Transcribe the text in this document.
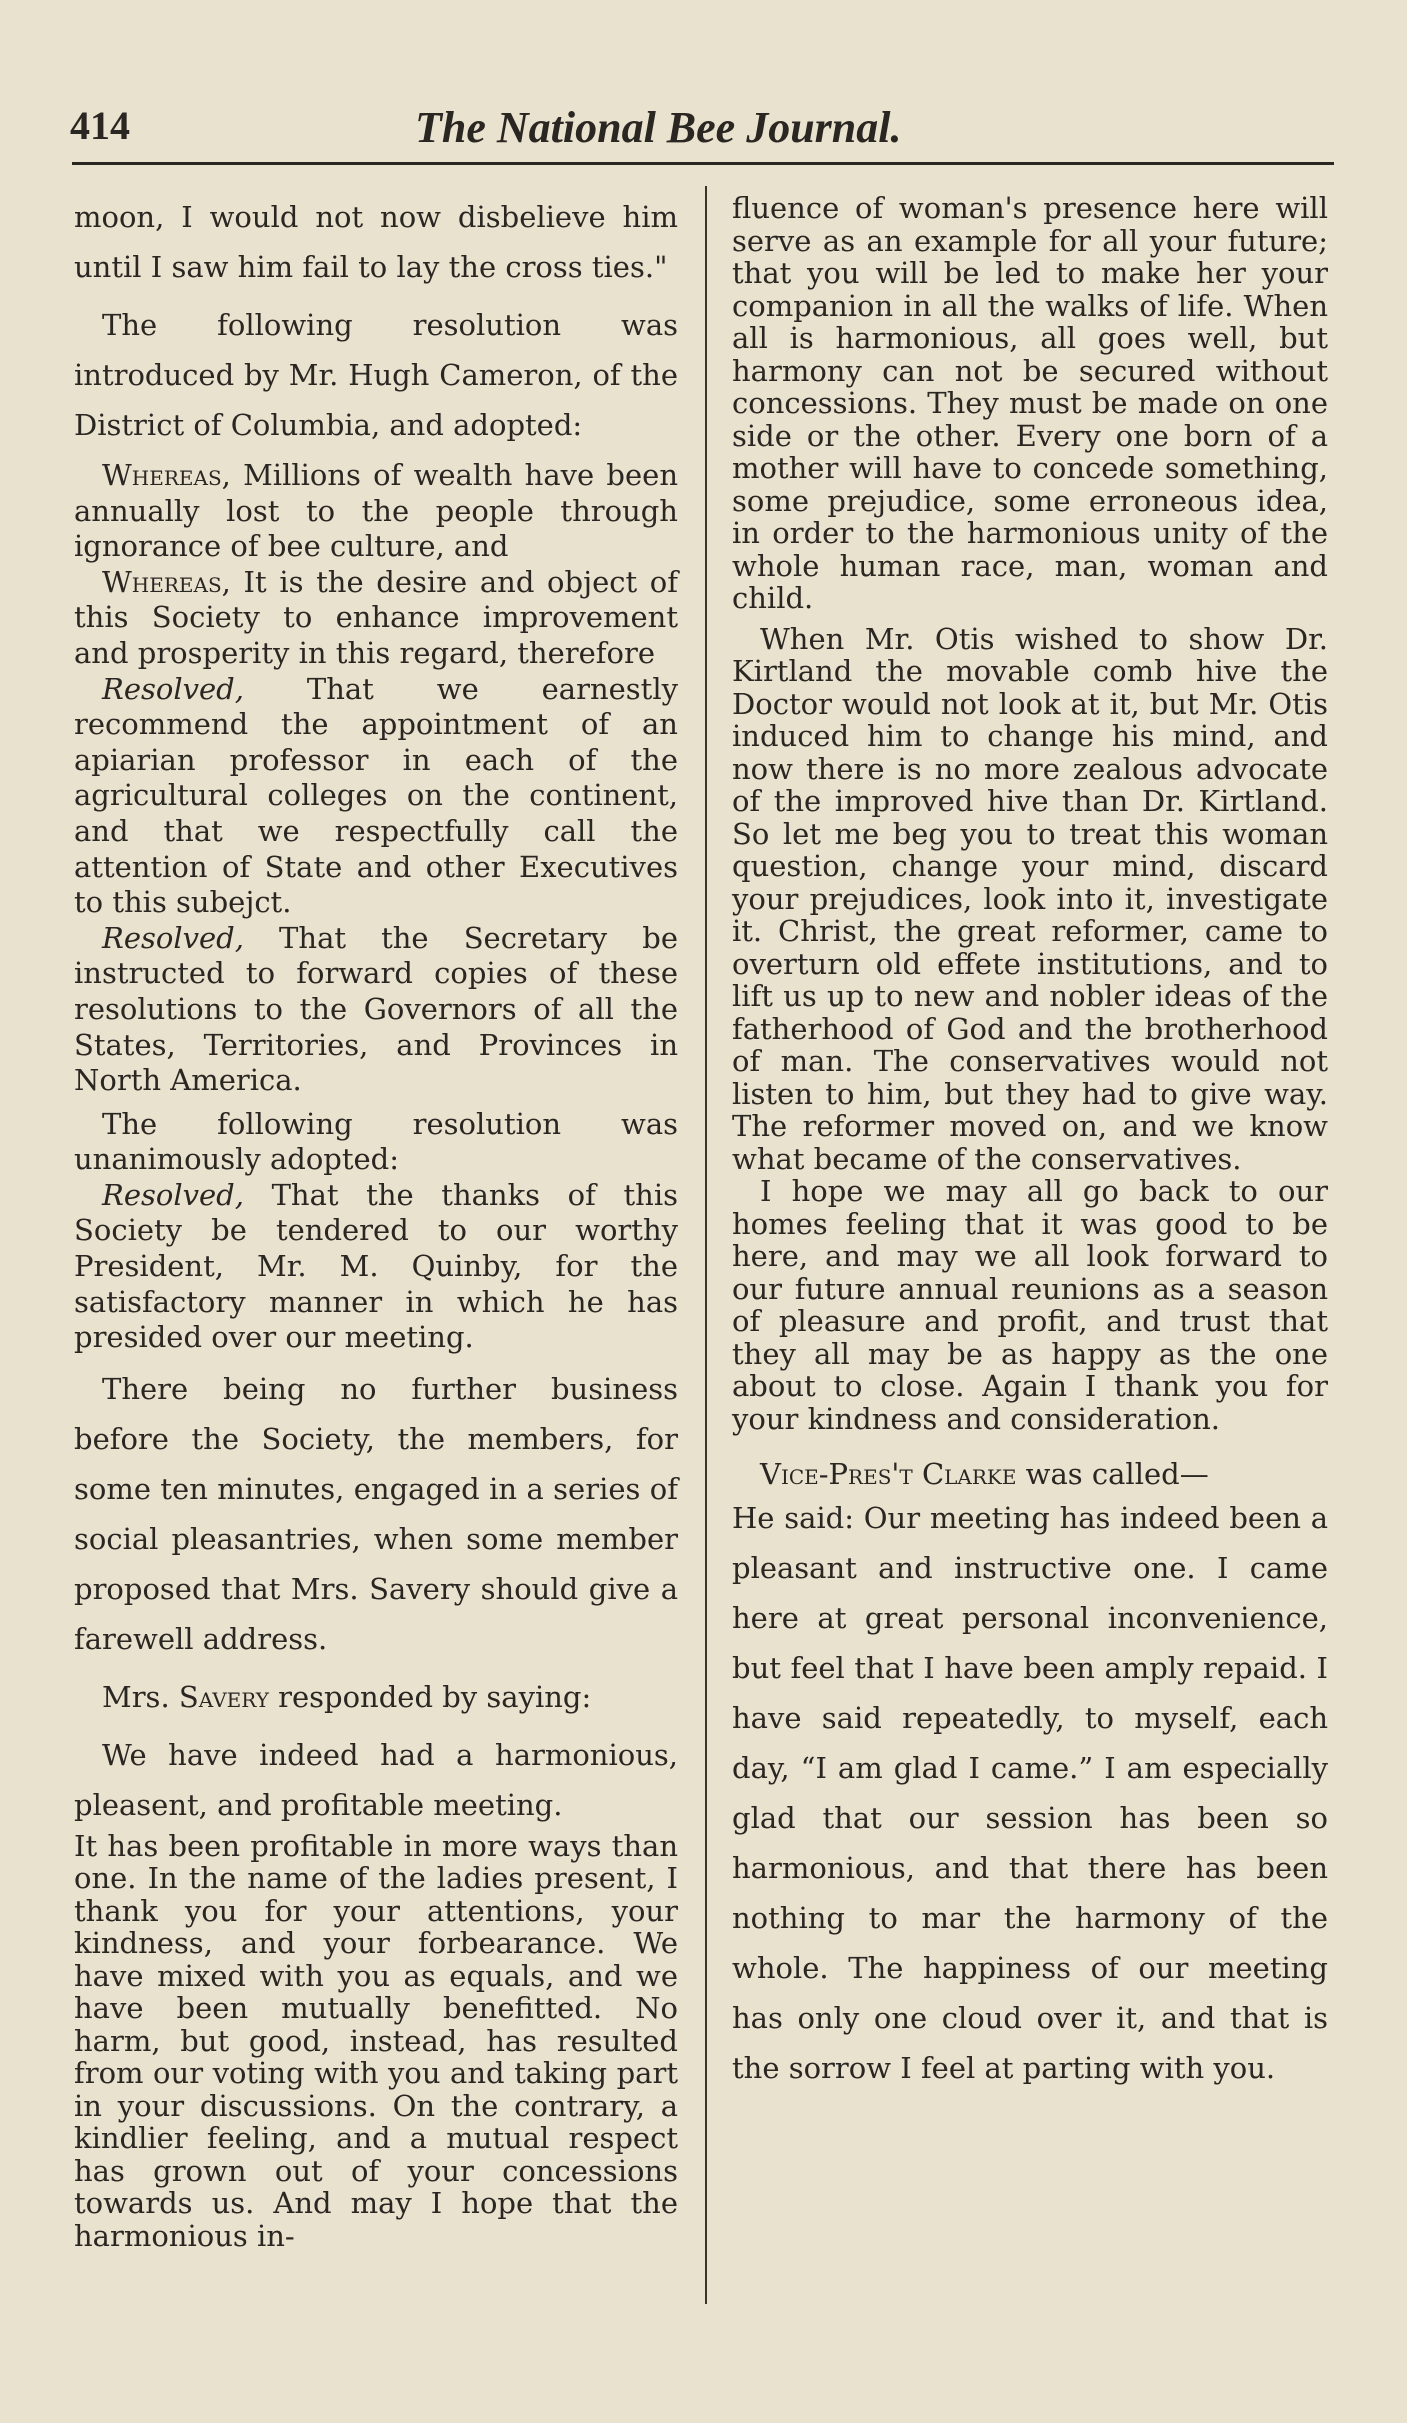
414	The National Bee Journal.

moon, I would not now disbelieve him until I saw him fail to lay the cross ties."

The following resolution was introduced by Mr. Hugh Cameron, of the District of Columbia, and adopted:

Whereas, Millions of wealth have been annually lost to the people through ignorance of bee culture, and

Whereas, It is the desire and object of this Society to enhance improvement and prosperity in this regard, therefore

Resolved, That we earnestly recommend the appointment of an apiarian professor in each of the agricultural colleges on the continent, and that we respectfully call the attention of State and other Executives to this subejct.

Resolved, That the Secretary be instructed to forward copies of these resolutions to the Governors of all the States, Territories, and Provinces in North America.

The following resolution was unanimously adopted:

Resolved, That the thanks of this Society be tendered to our worthy President, Mr. M. Quinby, for the satisfactory manner in which he has presided over our meeting.

There being no further business before the Society, the members, for some ten minutes, engaged in a series of social pleasantries, when some member proposed that Mrs. Savery should give a farewell address.

Mrs. Savery responded by saying:

We have indeed had a harmonious, pleasent, and profitable meeting.

It has been profitable in more ways than one. In the name of the ladies present, I thank you for your attentions, your kindness, and your forbearance. We have mixed with you as equals, and we have been mutually benefitted. No harm, but good, instead, has resulted from our voting with you and taking part in your discussions. On the contrary, a kindlier feeling, and a mutual respect has grown out of your concessions towards us. And may I hope that the harmonious in-

fluence of woman's presence here will serve as an example for all your future; that you will be led to make her your companion in all the walks of life. When all is harmonious, all goes well, but harmony can not be secured without concessions. They must be made on one side or the other. Every one born of a mother will have to concede something, some prejudice, some erroneous idea, in order to the harmonious unity of the whole human race, man, woman and child.

When Mr. Otis wished to show Dr. Kirtland the movable comb hive the Doctor would not look at it, but Mr. Otis induced him to change his mind, and now there is no more zealous advocate of the improved hive than Dr. Kirtland. So let me beg you to treat this woman question, change your mind, discard your prejudices, look into it, investigate it. Christ, the great reformer, came to overturn old effete institutions, and to lift us up to new and nobler ideas of the fatherhood of God and the brotherhood of man. The conservatives would not listen to him, but they had to give way. The reformer moved on, and we know what became of the conservatives.

I hope we may all go back to our homes feeling that it was good to be here, and may we all look forward to our future annual reunions as a season of pleasure and profit, and trust that they all may be as happy as the one about to close. Again I thank you for your kindness and consideration.

Vice-Pres't Clarke was called—

He said: Our meeting has indeed been a pleasant and instructive one. I came here at great personal inconvenience, but feel that I have been amply repaid. I have said repeatedly, to myself, each day, “I am glad I came.” I am especially glad that our session has been so harmonious, and that there has been nothing to mar the harmony of the whole. The happiness of our meeting has only one cloud over it, and that is the sorrow I feel at parting with you.
